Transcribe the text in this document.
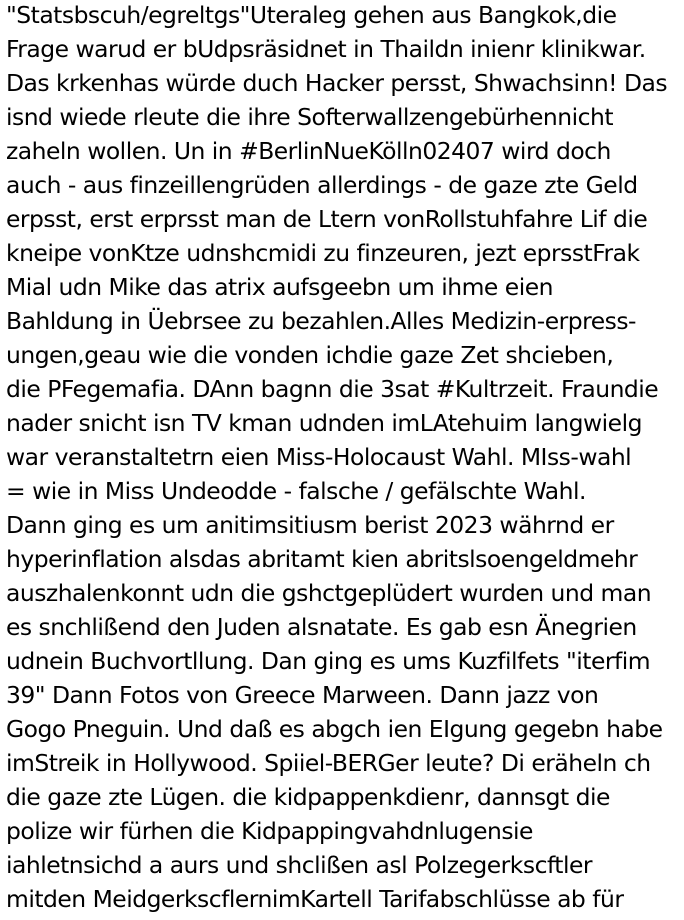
"Statsbscuh/egreltgs"Uteraleg gehen aus Bangkok,die
Frage warud er bUdpsräsidnet in Thaildn inienr klinikwar.
Das krkenhas würde duch Hacker persst, Shwachsinn! Das
isnd wiede rleute die ihre Softerwallzengebürhennicht
zaheln wollen. Un in #BerlinNueKölln02407 wird doch
auch - aus finzeillengrüden allerdings - de gaze zte Geld
erpsst, erst erprsst man de Ltern vonRollstuhfahre Lif die
kneipe vonKtze udnshcmidi zu finzeuren, jezt eprsstFrak
Mial udn Mike das atrix aufsgeebn um ihme eien
Bahldung in Üebrsee zu bezahlen.Alles Medizin-erpress-
ungen,geau wie die vonden ichdie gaze Zet shcieben,
die PFegemafia. DAnn bagnn die 3sat #Kultrzeit. Fraundie
nader snicht isn TV kman udnden imLAtehuim langwielg
war veranstaltetrn eien Miss-Holocaust Wahl. MIss-wahl
= wie in Miss Undeodde - falsche / gefälschte Wahl.
Dann ging es um anitimsitiusm berist 2023 währnd er
hyperinflation alsdas abritamt kien abritslsoengeldmehr
auszhalenkonnt udn die gshctgeplüdert wurden und man
es snchlißend den Juden alsnatate. Es gab esn Änegrien
udnein Buchvortllung. Dan ging es ums Kuzfilfets "iterfim
39" Dann Fotos von Greece Marween. Dann jazz von
Gogo Pneguin. Und daß es abgch ien EIgung gegebn habe
imStreik in Hollywood. Spiiel-BERGer leute? Di eräheln ch
die gaze zte Lügen. die kidpappenkdienr, dannsgt die
polize wir fürhen die Kidpappingvahdnlugensie
iahletnsichd a aurs und shclißen asl Polzegerkscftler
mitden MeidgerkscflernimKartell Tarifabschlüsse ab für
